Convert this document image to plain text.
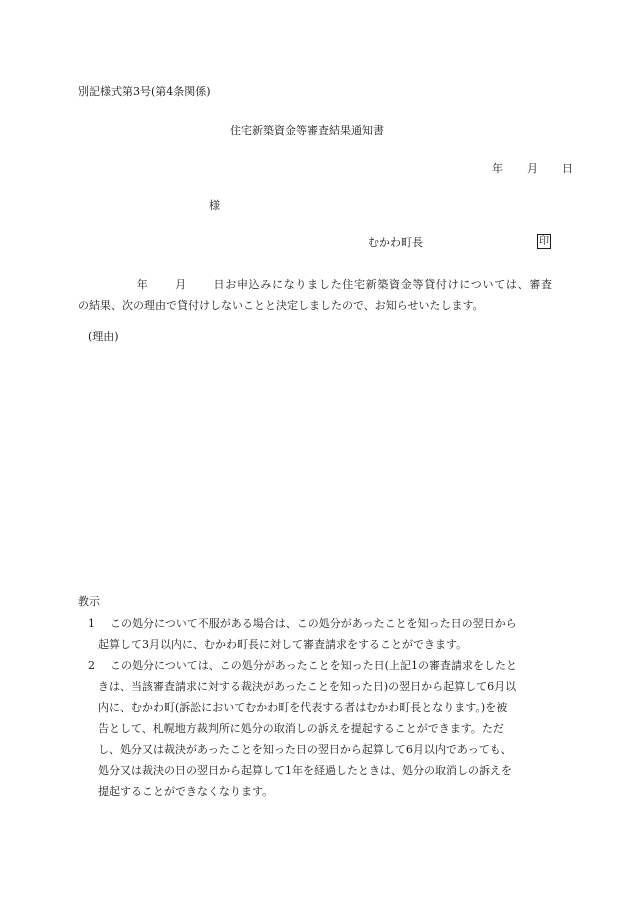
別記様式第3号(第4条関係)
住宅新築資金等審査結果通知書
年 月 日
様
むかわ町長	印
年 月 日お申込みになりました住宅新築資金等貸付けについては、審査
の結果、次の理由で貸付けしないことと決定しましたので、お知らせいたします。
(理由)
教示
1	この処分について不服がある場合は、この処分があったことを知った日の翌日から
起算して3月以内に、むかわ町長に対して審査請求をすることができます。
2	この処分については、この処分があったことを知った日(上記1の審査請求をしたと
きは、当該審査請求に対する裁決があったことを知った日)の翌日から起算して6月以
内に、むかわ町(訴訟においてむかわ町を代表する者はむかわ町長となります。)を被
告として、札幌地方裁判所に処分の取消しの訴えを提起することができます。ただ
し、処分又は裁決があったことを知った日の翌日から起算して6月以内であっても、
処分又は裁決の日の翌日から起算して1年を経過したときは、処分の取消しの訴えを
提起することができなくなります。
